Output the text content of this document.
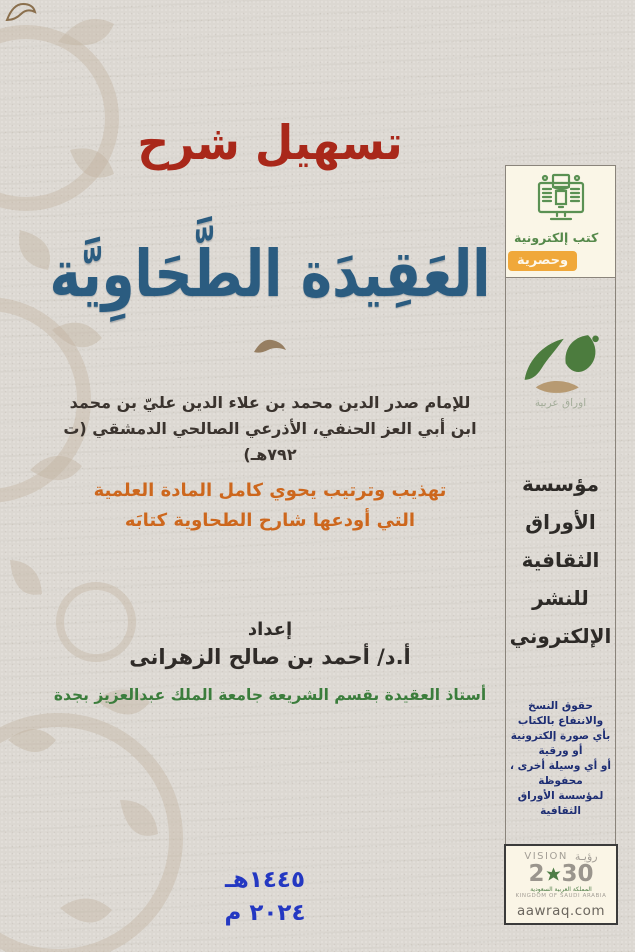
تسهيل شرح
العَقِيدَة الطَّحَاوِيَّة
للإمام صدر الدين محمد بن علاء الدين عليّ بن محمد
ابن أبي العز الحنفي، الأذرعي الصالحي الدمشقي (ت ٧٩٢هـ)
تهذيب وترتيب يحوي كامل المادة العلمية
التي أودعها شارح الطحاوية كتابَه
إعداد
أ.د/ أحمد بن صالح الزهرانى
أستاذ العقيدة بقسم الشريعة جامعة الملك عبدالعزيز بجدة
١٤٤٥هـ
٢٠٢٤ م
كتب إلكترونية
وحصرية
اوراق عربية
مؤسسة
الأوراق
الثقافية
للنشر
الإلكتروني
حقوق النسخ والانتفاع بالكتاب
بأي صورة إلكترونية أو ورقية
أو أي وسيلة أخرى ، محفوظة
لمؤسسة الأوراق الثقافية
VISION رؤيـة
2 30
المملكة العربية السعودية
KINGDOM OF SAUDI ARABIA
aawraq.com
